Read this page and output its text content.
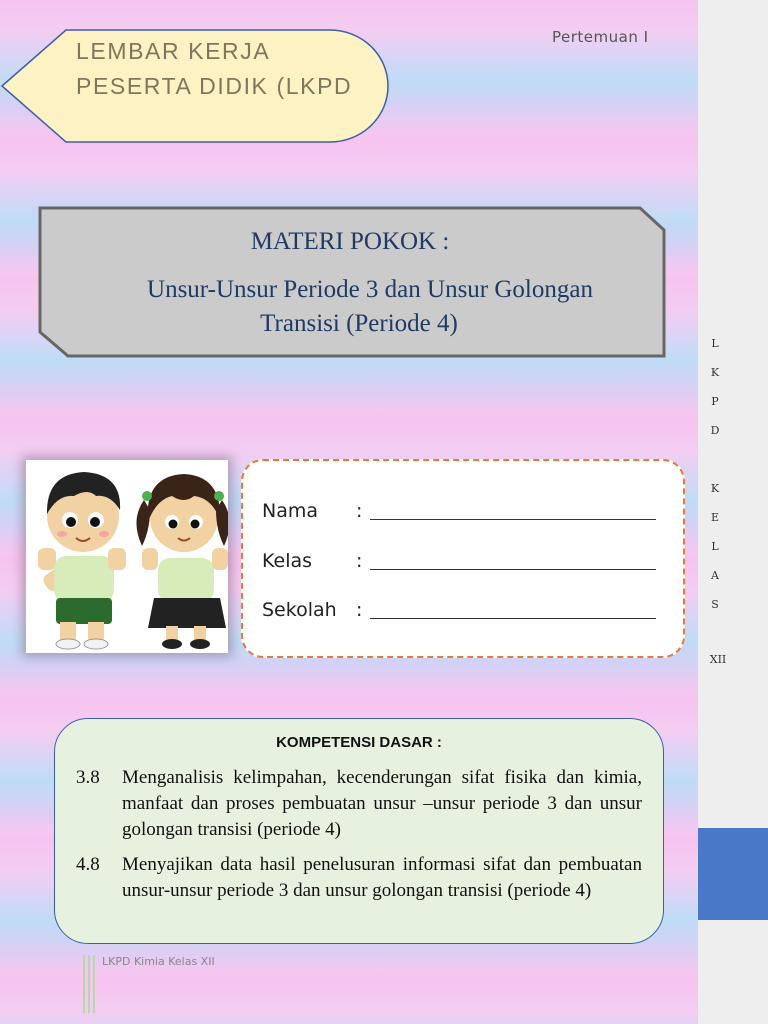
L
K
P
D
K
E
L
A
S
XII
Pertemuan I
LEMBAR KERJA PESERTA DIDIK (LKPD
MATERI POKOK :
Unsur-Unsur Periode 3 dan Unsur Golongan
Transisi (Periode 4)
Nama :
Kelas :
Sekolah :
KOMPETENSI DASAR :
3.8	Menganalisis kelimpahan, kecenderungan sifat fisika dan kimia, manfaat dan proses pembuatan unsur –unsur periode 3 dan unsur golongan transisi (periode 4)
4.8	Menyajikan data hasil penelusuran informasi sifat dan pembuatan unsur-unsur periode 3 dan unsur golongan transisi (periode 4)
LKPD Kimia Kelas XII
